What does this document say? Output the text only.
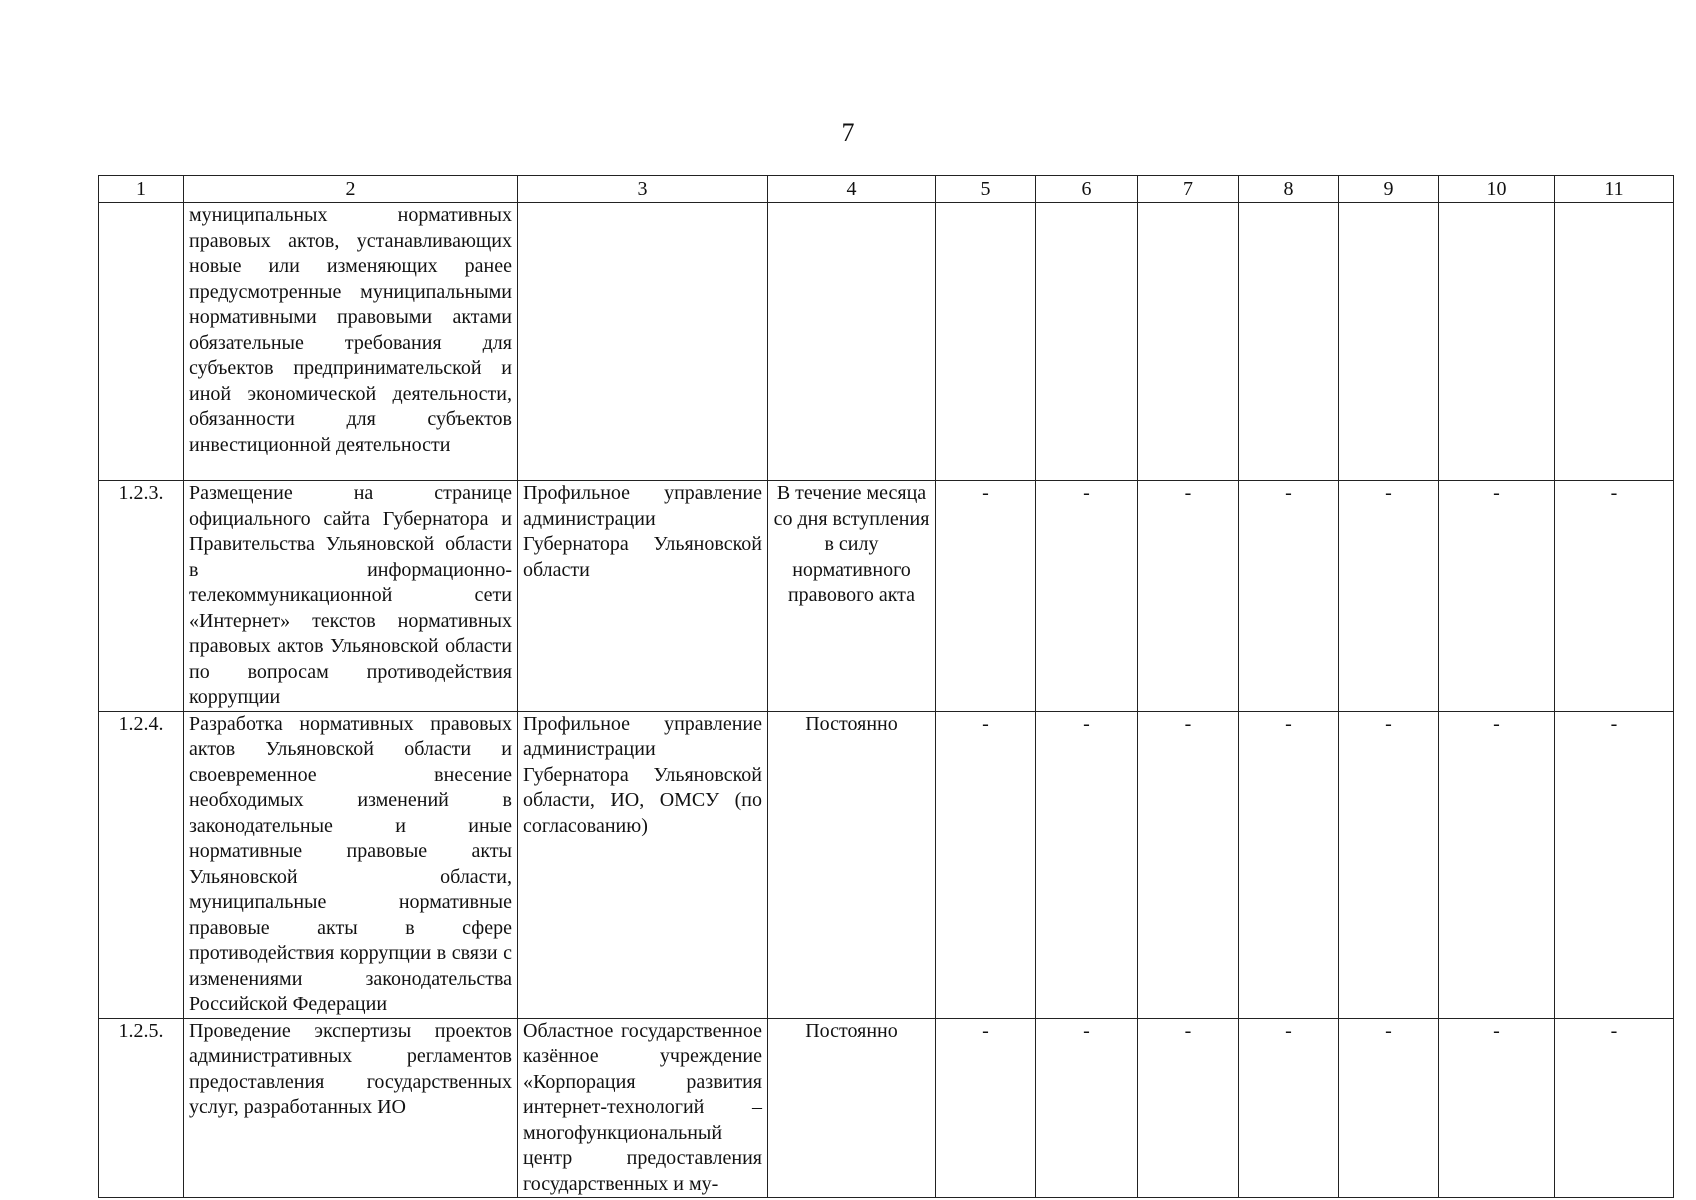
7
1	2	3	4	5	6	7	8	9	10	11
	муниципальных нормативных правовых актов, устанавливающих новые или изменяющих ранее предусмотренные муниципальными нормативными правовыми актами обязательные требования для субъектов предпринимательской и иной экономической деятельности, обязанности для субъектов инвестиционной деятельности									
1.2.3.	Размещение на странице официального сайта Губернатора и Правительства Ульяновской области в информационно-телекоммуникационной сети «Интернет» текстов нормативных правовых актов Ульяновской области по вопросам противодействия коррупции	Профильное управление администрации Губернатора Ульяновской области	В течение месяца со дня вступления в силу нормативного правового акта	-	-	-	-	-	-	-
1.2.4.	Разработка нормативных правовых актов Ульяновской области и своевременное внесение необходимых изменений в законодательные и иные нормативные правовые акты Ульяновской области, муниципальные нормативные правовые акты в сфере противодействия коррупции в связи с изменениями законодательства Российской Федерации	Профильное управление администрации Губернатора Ульяновской области, ИО, ОМСУ (по согласованию)	Постоянно	-	-	-	-	-	-	-
1.2.5.	Проведение экспертизы проектов административных регламентов предоставления государственных услуг, разработанных ИО	Областное государственное казённое учреждение «Корпорация развития интернет-технологий – многофункциональный центр предоставления государственных и му-	Постоянно	-	-	-	-	-	-	-
